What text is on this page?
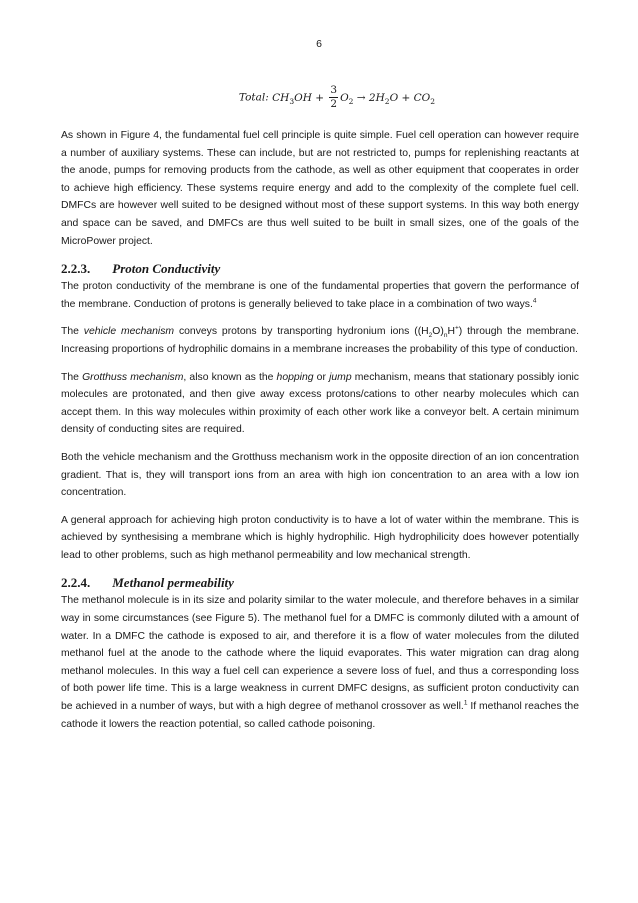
6
Total: $CH_3OH + \frac{3}{2} O_2 \to 2H_2O + CO_2$

As shown in Figure 4, the fundamental fuel cell principle is quite simple. Fuel cell operation can however require a number of auxiliary systems. These can include, but are not restricted to, pumps for replenishing reactants at the anode, pumps for removing products from the cathode, as well as other equipment that cooperates in order to achieve high efficiency. These systems require energy and add to the complexity of the complete fuel cell. DMFCs are however well suited to be designed without most of these support systems. In this way both energy and space can be saved, and DMFCs are thus well suited to be built in small sizes, one of the goals of the MicroPower project.

2.2.3. Proton Conductivity

The proton conductivity of the membrane is one of the fundamental properties that govern the performance of the membrane. Conduction of protons is generally believed to take place in a combination of two ways.$^4$

The vehicle mechanism conveys protons by transporting hydronium ions $((H_2O)_nH^+)$ through the membrane. Increasing proportions of hydrophilic domains in a membrane increases the probability of this type of conduction.

The Grotthuss mechanism, also known as the hopping or jump mechanism, means that stationary possibly ionic molecules are protonated, and then give away excess protons/cations to other nearby molecules which can accept them. In this way molecules within proximity of each other work like a conveyor belt. A certain minimum density of conducting sites are required.

Both the vehicle mechanism and the Grotthuss mechanism work in the opposite direction of an ion concentration gradient. That is, they will transport ions from an area with high ion concentration to an area with a low ion concentration.

A general approach for achieving high proton conductivity is to have a lot of water within the membrane. This is achieved by synthesising a membrane which is highly hydrophilic. High hydrophilicity does however potentially lead to other problems, such as high methanol permeability and low mechanical strength.

2.2.4. Methanol permeability

The methanol molecule is in its size and polarity similar to the water molecule, and therefore behaves in a similar way in some circumstances (see Figure 5). The methanol fuel for a DMFC is commonly diluted with a amount of water. In a DMFC the cathode is exposed to air, and therefore it is a flow of water molecules from the diluted methanol fuel at the anode to the cathode where the liquid evaporates. This water migration can drag along methanol molecules. In this way a fuel cell can experience a severe loss of fuel, and thus a corresponding loss of both power life time. This is a large weakness in current DMFC designs, as sufficient proton conductivity can be achieved in a number of ways, but with a high degree of methanol crossover as well.$^1$ If methanol reaches the cathode it lowers the reaction potential, so called cathode poisoning.
